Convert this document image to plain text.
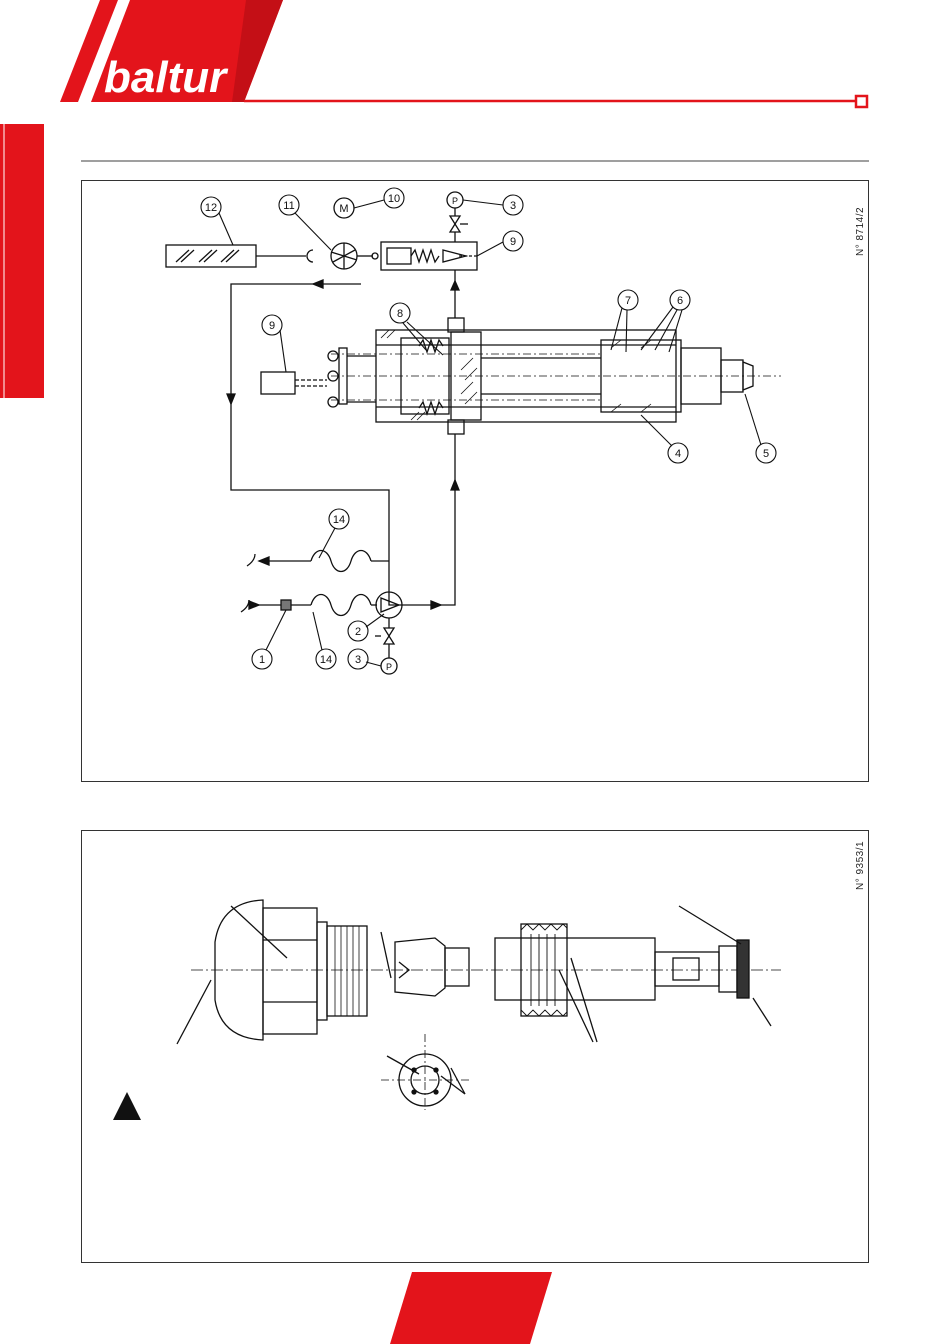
baltur
N° 8714/2
M
P
P
12	11
10
3
9
8
7	6
9
4	5
14
2
3
1	14
N° 9353/1
